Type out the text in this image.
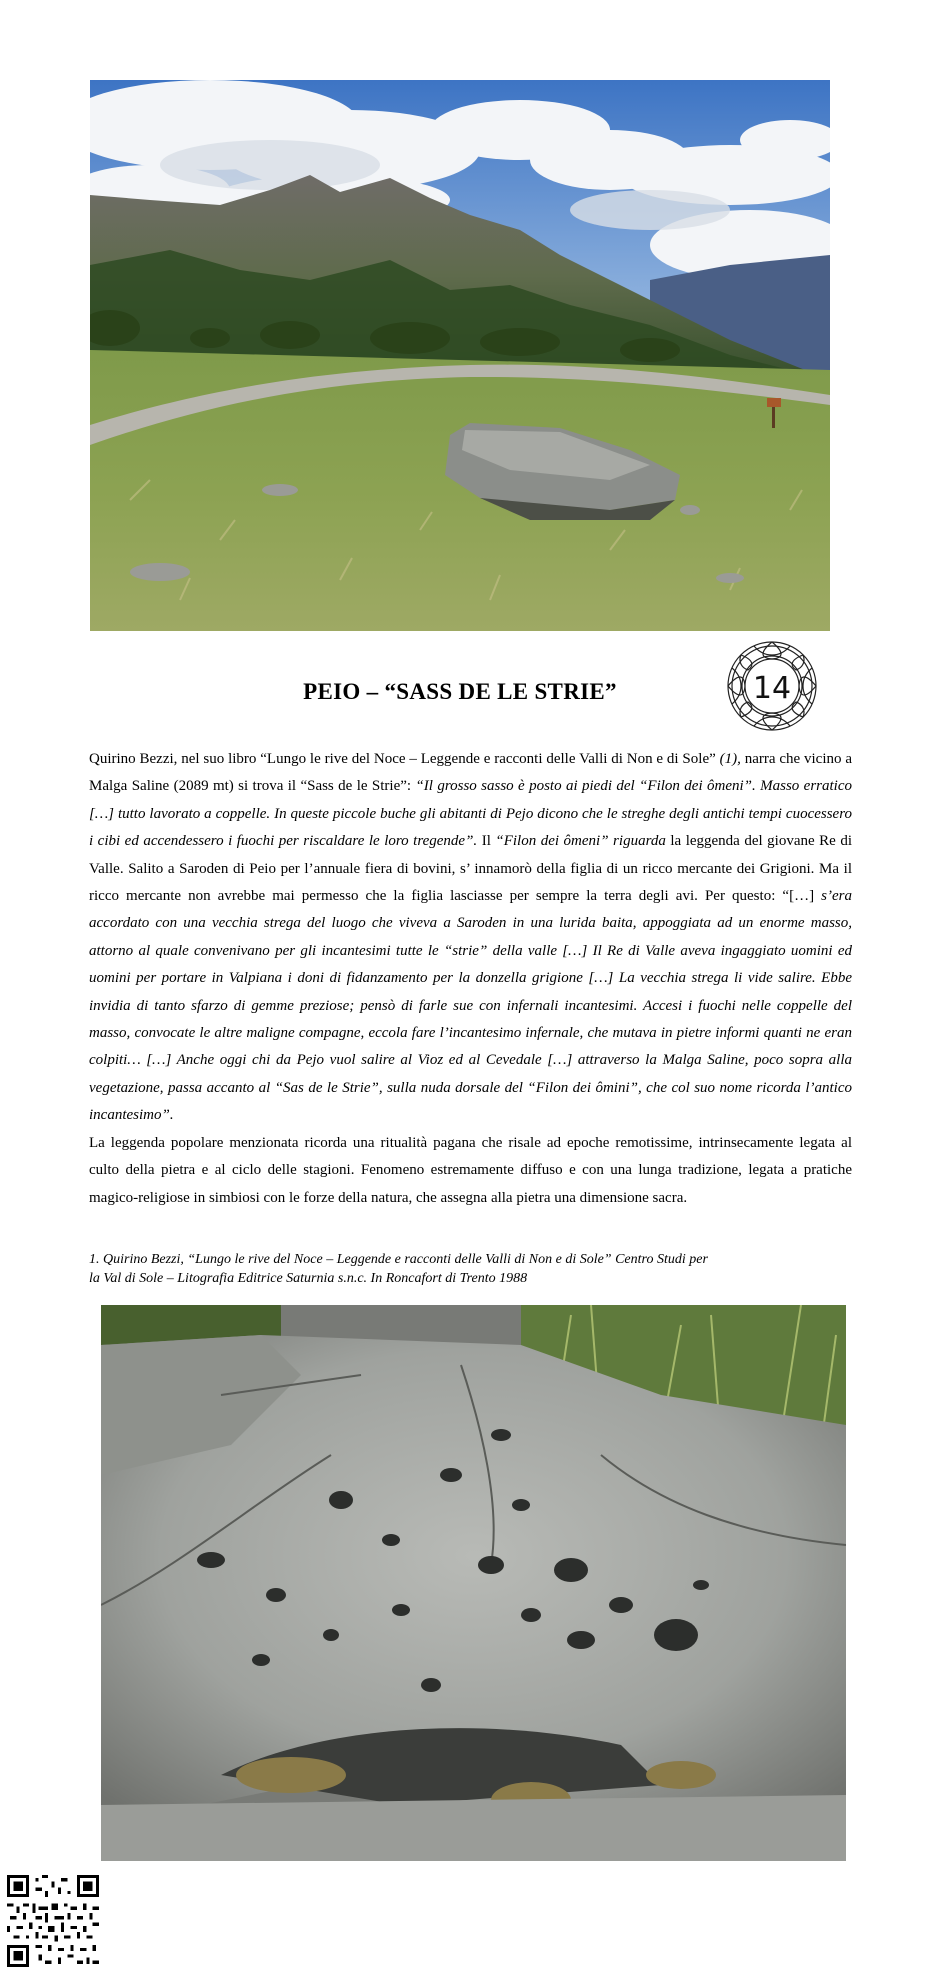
14
PEIO – “SASS DE LE STRIE”

Quirino Bezzi, nel suo libro “Lungo le rive del Noce – Leggende e racconti delle Valli di Non e di Sole” (1), narra che vicino a Malga Saline (2089 mt) si trova il “Sass de le Strie”: “Il grosso sasso è posto ai piedi del “Filon dei ômeni”. Masso erratico […] tutto lavorato a coppelle. In queste piccole buche gli abitanti di Pejo dicono che le streghe degli antichi tempi cuocessero i cibi ed accendessero i fuochi per riscaldare le loro tregende”. Il “Filon dei ômeni” riguarda la leggenda del giovane Re di Valle. Salito a Saroden di Peio per l’annuale fiera di bovini, s’ innamorò della figlia di un ricco mercante dei Grigioni. Ma il ricco mercante non avrebbe mai permesso che la figlia lasciasse per sempre la terra degli avi. Per questo: “[…] s’era accordato con una vecchia strega del luogo che viveva a Saroden in una lurida baita, appoggiata ad un enorme masso, attorno al quale convenivano per gli incantesimi tutte le “strie” della valle […] Il Re di Valle aveva ingaggiato uomini ed uomini per portare in Valpiana i doni di fidanzamento per la donzella grigione […] La vecchia strega li vide salire. Ebbe invidia di tanto sfarzo di gemme preziose; pensò di farle sue con infernali incantesimi. Accesi i fuochi nelle coppelle del masso, convocate le altre maligne compagne, eccola fare l’incantesimo infernale, che mutava in pietre informi quanti ne eran colpiti… […] Anche oggi chi da Pejo vuol salire al Vioz ed al Cevedale […] attraverso la Malga Saline, poco sopra alla vegetazione, passa accanto al “Sas de le Strie”, sulla nuda dorsale del “Filon dei ômini”, che col suo nome ricorda l’antico incantesimo”.

La leggenda popolare menzionata ricorda una ritualità pagana che risale ad epoche remotissime, intrinsecamente legata al culto della pietra e al ciclo delle stagioni. Fenomeno estremamente diffuso e con una lunga tradizione, legata a pratiche magico-religiose in simbiosi con le forze della natura, che assegna alla pietra una dimensione sacra.

1. Quirino Bezzi, “Lungo le rive del Noce – Leggende e racconti delle Valli di Non e di Sole” Centro Studi per

la Val di Sole – Litografia Editrice Saturnia s.n.c. In Roncafort di Trento 1988
